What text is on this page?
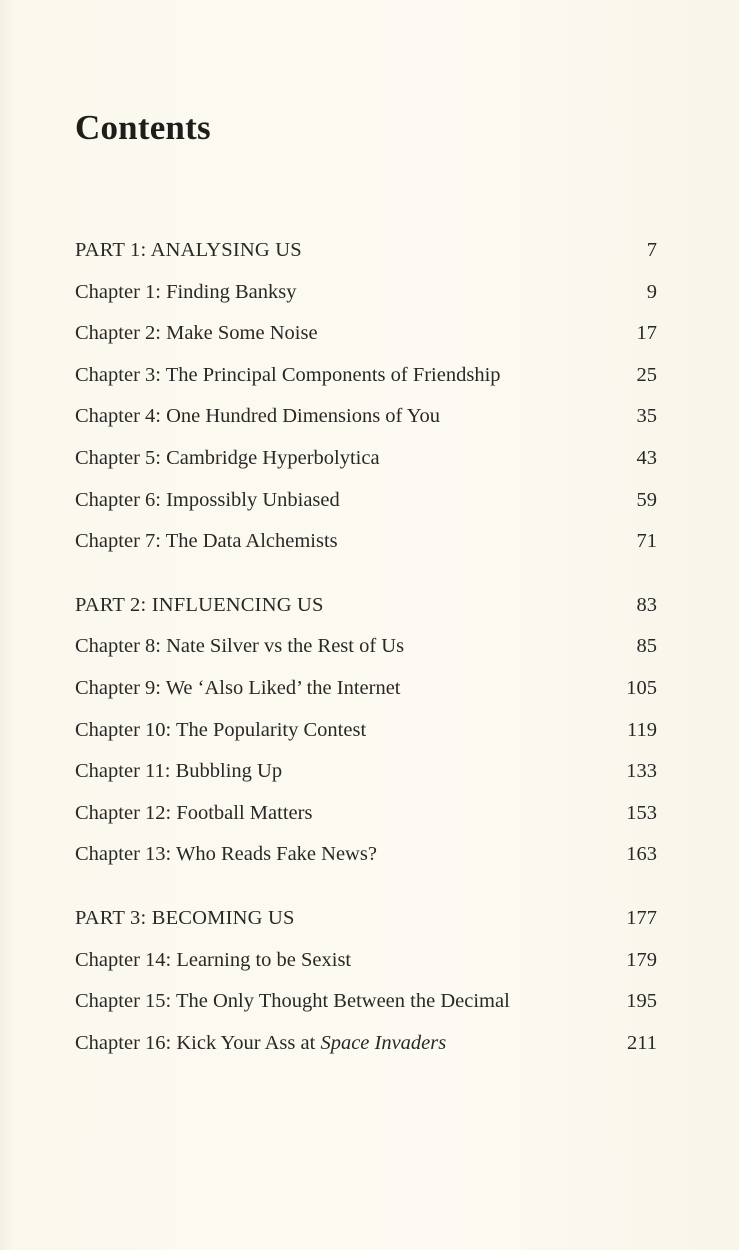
Contents
PART 1: ANALYSING US	7
Chapter 1: Finding Banksy	9
Chapter 2: Make Some Noise	17
Chapter 3: The Principal Components of Friendship	25
Chapter 4: One Hundred Dimensions of You	35
Chapter 5: Cambridge Hyperbolytica	43
Chapter 6: Impossibly Unbiased	59
Chapter 7: The Data Alchemists	71
PART 2: INFLUENCING US	83
Chapter 8: Nate Silver vs the Rest of Us	85
Chapter 9: We ‘Also Liked’ the Internet	105
Chapter 10: The Popularity Contest	119
Chapter 11: Bubbling Up	133
Chapter 12: Football Matters	153
Chapter 13: Who Reads Fake News?	163
PART 3: BECOMING US	177
Chapter 14: Learning to be Sexist	179
Chapter 15: The Only Thought Between the Decimal	195
Chapter 16: Kick Your Ass at Space Invaders	211
